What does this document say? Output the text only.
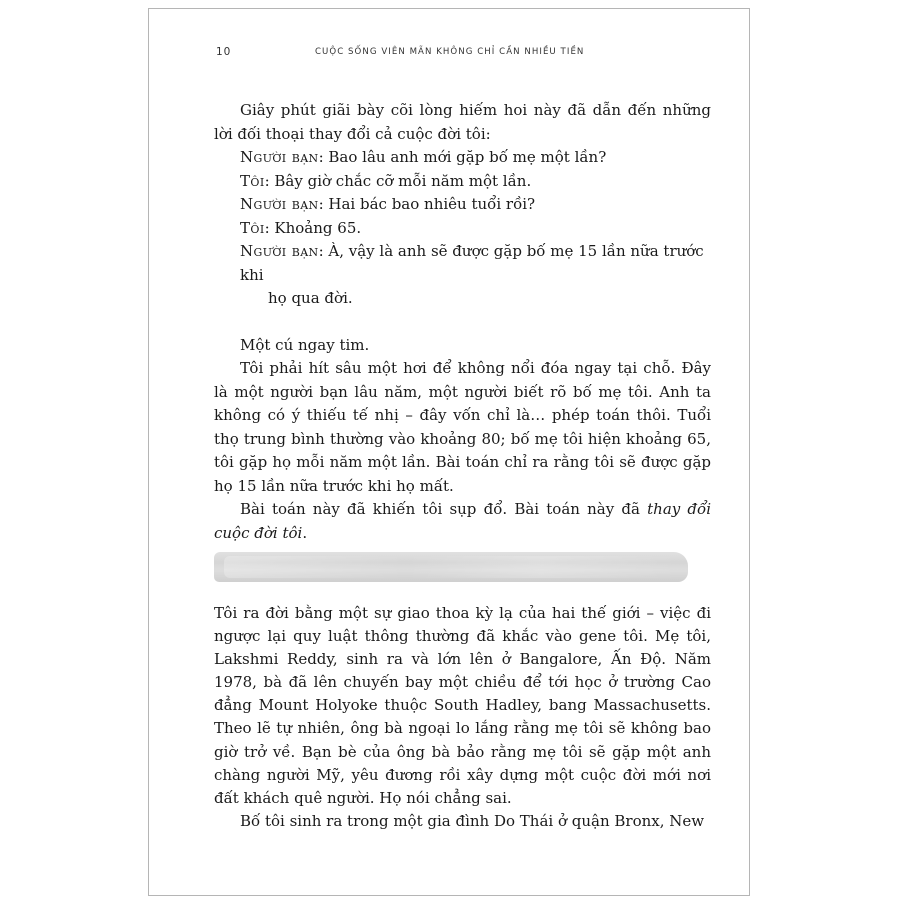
10	CUỘC SỐNG VIÊN MÃN KHÔNG CHỈ CẦN NHIỀU TIỀN

Giây phút giãi bày cõi lòng hiếm hoi này đã dẫn đến những lời đối thoại thay đổi cả cuộc đời tôi:

Người bạn: Bao lâu anh mới gặp bố mẹ một lần?
Tôi: Bây giờ chắc cỡ mỗi năm một lần.
Người bạn: Hai bác bao nhiêu tuổi rồi?
Tôi: Khoảng 65.
Người bạn: À, vậy là anh sẽ được gặp bố mẹ 15 lần nữa trước khi
họ qua đời.

Một cú ngay tim.

Tôi phải hít sâu một hơi để không nổi đóa ngay tại chỗ. Đây là một người bạn lâu năm, một người biết rõ bố mẹ tôi. Anh ta không có ý thiếu tế nhị – đây vốn chỉ là… phép toán thôi. Tuổi thọ trung bình thường vào khoảng 80; bố mẹ tôi hiện khoảng 65, tôi gặp họ mỗi năm một lần. Bài toán chỉ ra rằng tôi sẽ được gặp họ 15 lần nữa trước khi họ mất.

Bài toán này đã khiến tôi sụp đổ. Bài toán này đã thay đổi cuộc đời tôi.

Tôi ra đời bằng một sự giao thoa kỳ lạ của hai thế giới – việc đi ngược lại quy luật thông thường đã khắc vào gene tôi. Mẹ tôi, Lakshmi Reddy, sinh ra và lớn lên ở Bangalore, Ấn Độ. Năm 1978, bà đã lên chuyến bay một chiều để tới học ở trường Cao đẳng Mount Holyoke thuộc South Hadley, bang Massachusetts. Theo lẽ tự nhiên, ông bà ngoại lo lắng rằng mẹ tôi sẽ không bao giờ trở về. Bạn bè của ông bà bảo rằng mẹ tôi sẽ gặp một anh chàng người Mỹ, yêu đương rồi xây dựng một cuộc đời mới nơi đất khách quê người. Họ nói chẳng sai.

Bố tôi sinh ra trong một gia đình Do Thái ở quận Bronx, New
